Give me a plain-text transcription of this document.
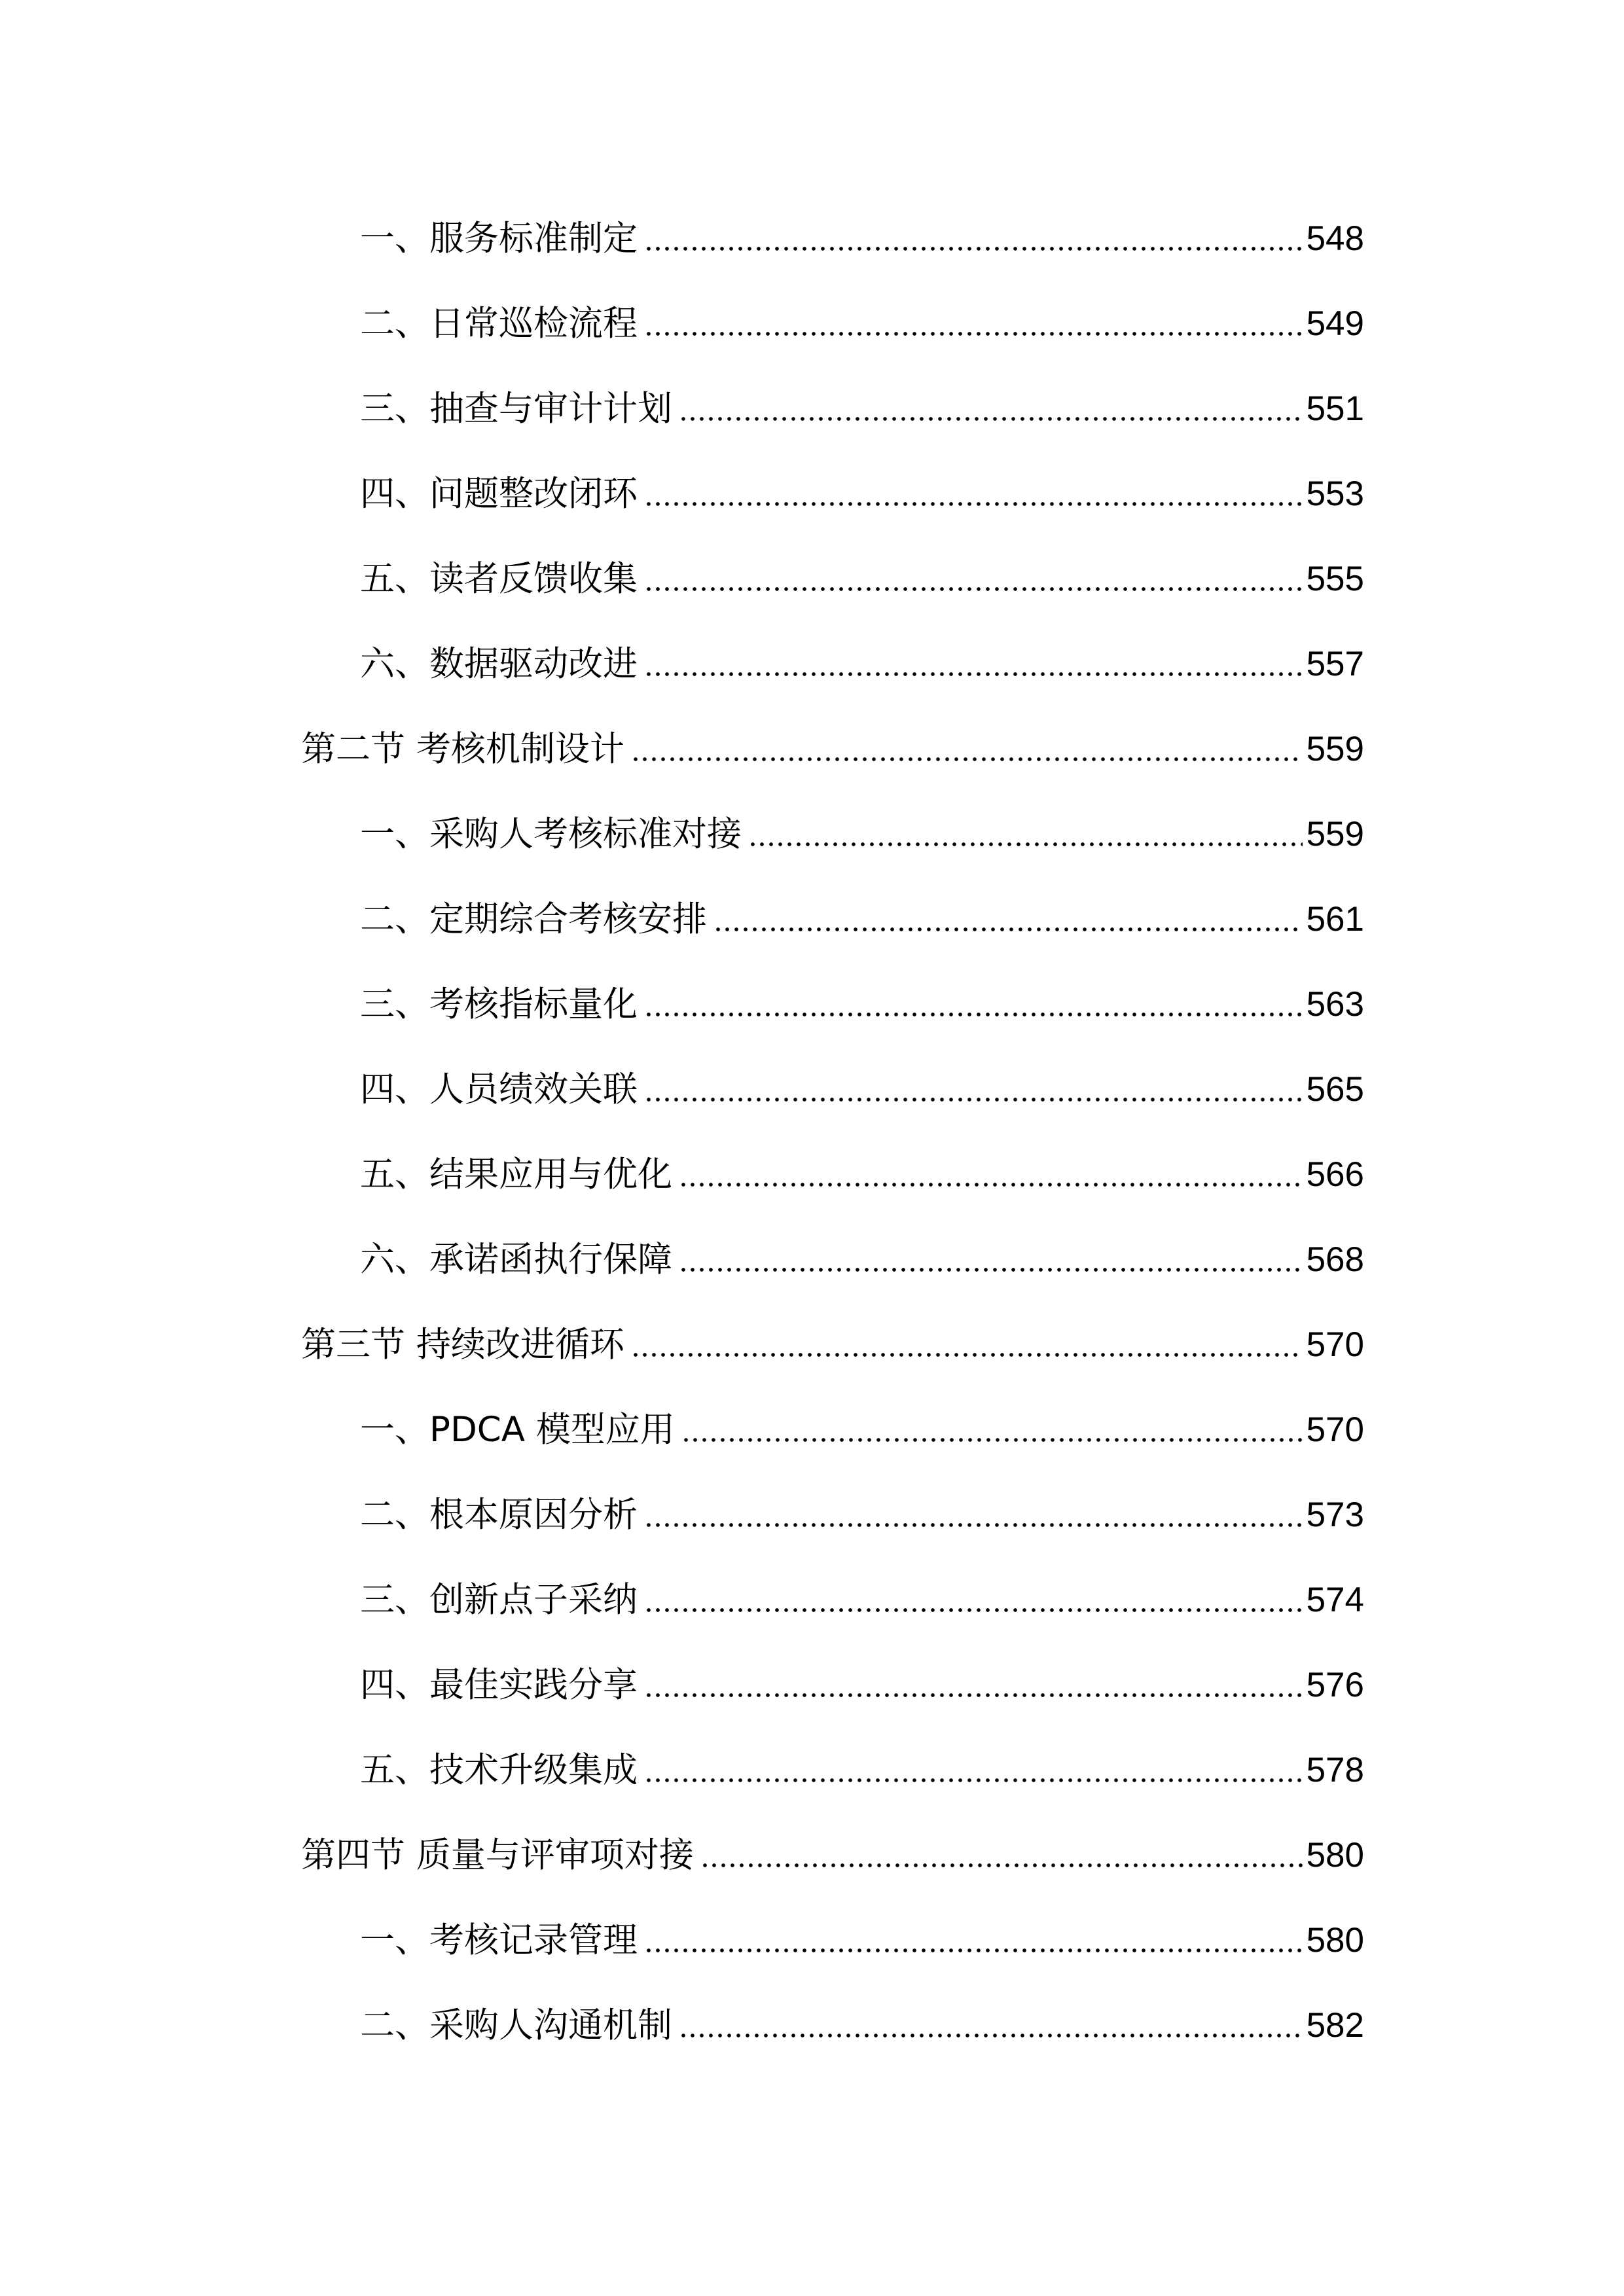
一、服务标准制定	548
二、日常巡检流程	549
三、抽查与审计计划	551
四、问题整改闭环	553
五、读者反馈收集	555
六、数据驱动改进	557
第二节 考核机制设计	559
一、采购人考核标准对接	559
二、定期综合考核安排	561
三、考核指标量化	563
四、人员绩效关联	565
五、结果应用与优化	566
六、承诺函执行保障	568
第三节 持续改进循环	570
一、PDCA 模型应用	570
二、根本原因分析	573
三、创新点子采纳	574
四、最佳实践分享	576
五、技术升级集成	578
第四节 质量与评审项对接	580
一、考核记录管理	580
二、采购人沟通机制	582
